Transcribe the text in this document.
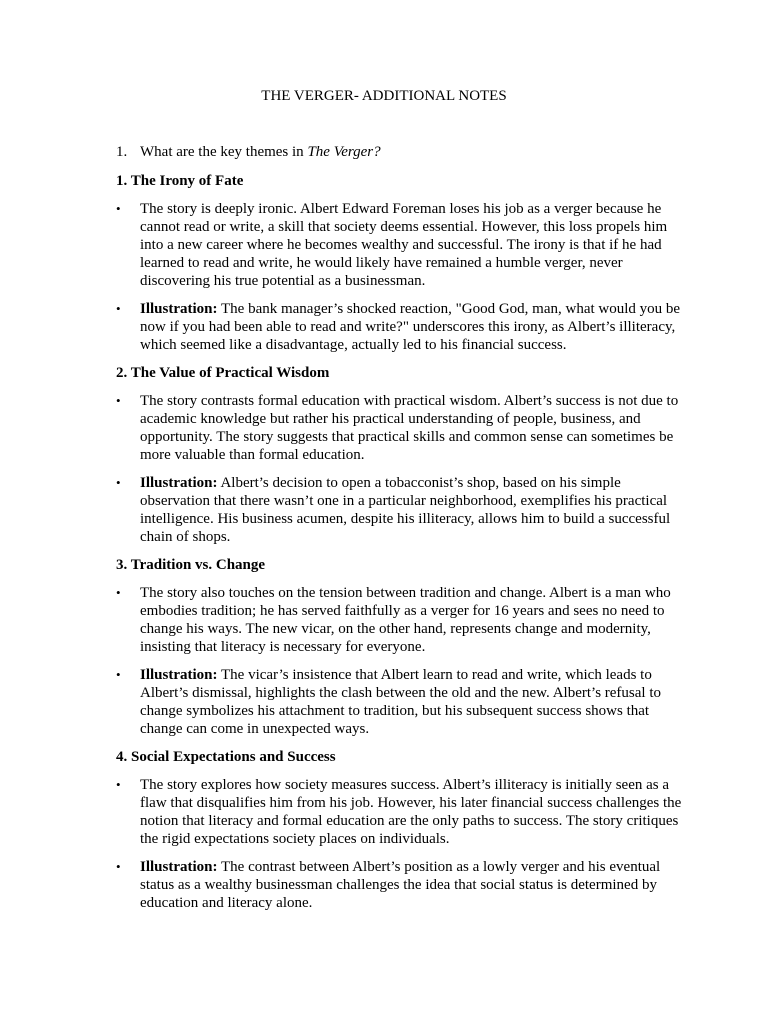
THE VERGER- ADDITIONAL NOTES

1. What are the key themes in The Verger?

1. The Irony of Fate

•	The story is deeply ironic. Albert Edward Foreman loses his job as a verger because he cannot read or write, a skill that society deems essential. However, this loss propels him into a new career where he becomes wealthy and successful. The irony is that if he had learned to read and write, he would likely have remained a humble verger, never discovering his true potential as a businessman.
•	Illustration: The bank manager’s shocked reaction, "Good God, man, what would you be now if you had been able to read and write?" underscores this irony, as Albert’s illiteracy, which seemed like a disadvantage, actually led to his financial success.

2. The Value of Practical Wisdom

•	The story contrasts formal education with practical wisdom. Albert’s success is not due to academic knowledge but rather his practical understanding of people, business, and opportunity. The story suggests that practical skills and common sense can sometimes be more valuable than formal education.
•	Illustration: Albert’s decision to open a tobacconist’s shop, based on his simple observation that there wasn’t one in a particular neighborhood, exemplifies his practical intelligence. His business acumen, despite his illiteracy, allows him to build a successful chain of shops.

3. Tradition vs. Change

•	The story also touches on the tension between tradition and change. Albert is a man who embodies tradition; he has served faithfully as a verger for 16 years and sees no need to change his ways. The new vicar, on the other hand, represents change and modernity, insisting that literacy is necessary for everyone.
•	Illustration: The vicar’s insistence that Albert learn to read and write, which leads to Albert’s dismissal, highlights the clash between the old and the new. Albert’s refusal to change symbolizes his attachment to tradition, but his subsequent success shows that change can come in unexpected ways.

4. Social Expectations and Success

•	The story explores how society measures success. Albert’s illiteracy is initially seen as a flaw that disqualifies him from his job. However, his later financial success challenges the notion that literacy and formal education are the only paths to success. The story critiques the rigid expectations society places on individuals.
•	Illustration: The contrast between Albert’s position as a lowly verger and his eventual status as a wealthy businessman challenges the idea that social status is determined by education and literacy alone.
